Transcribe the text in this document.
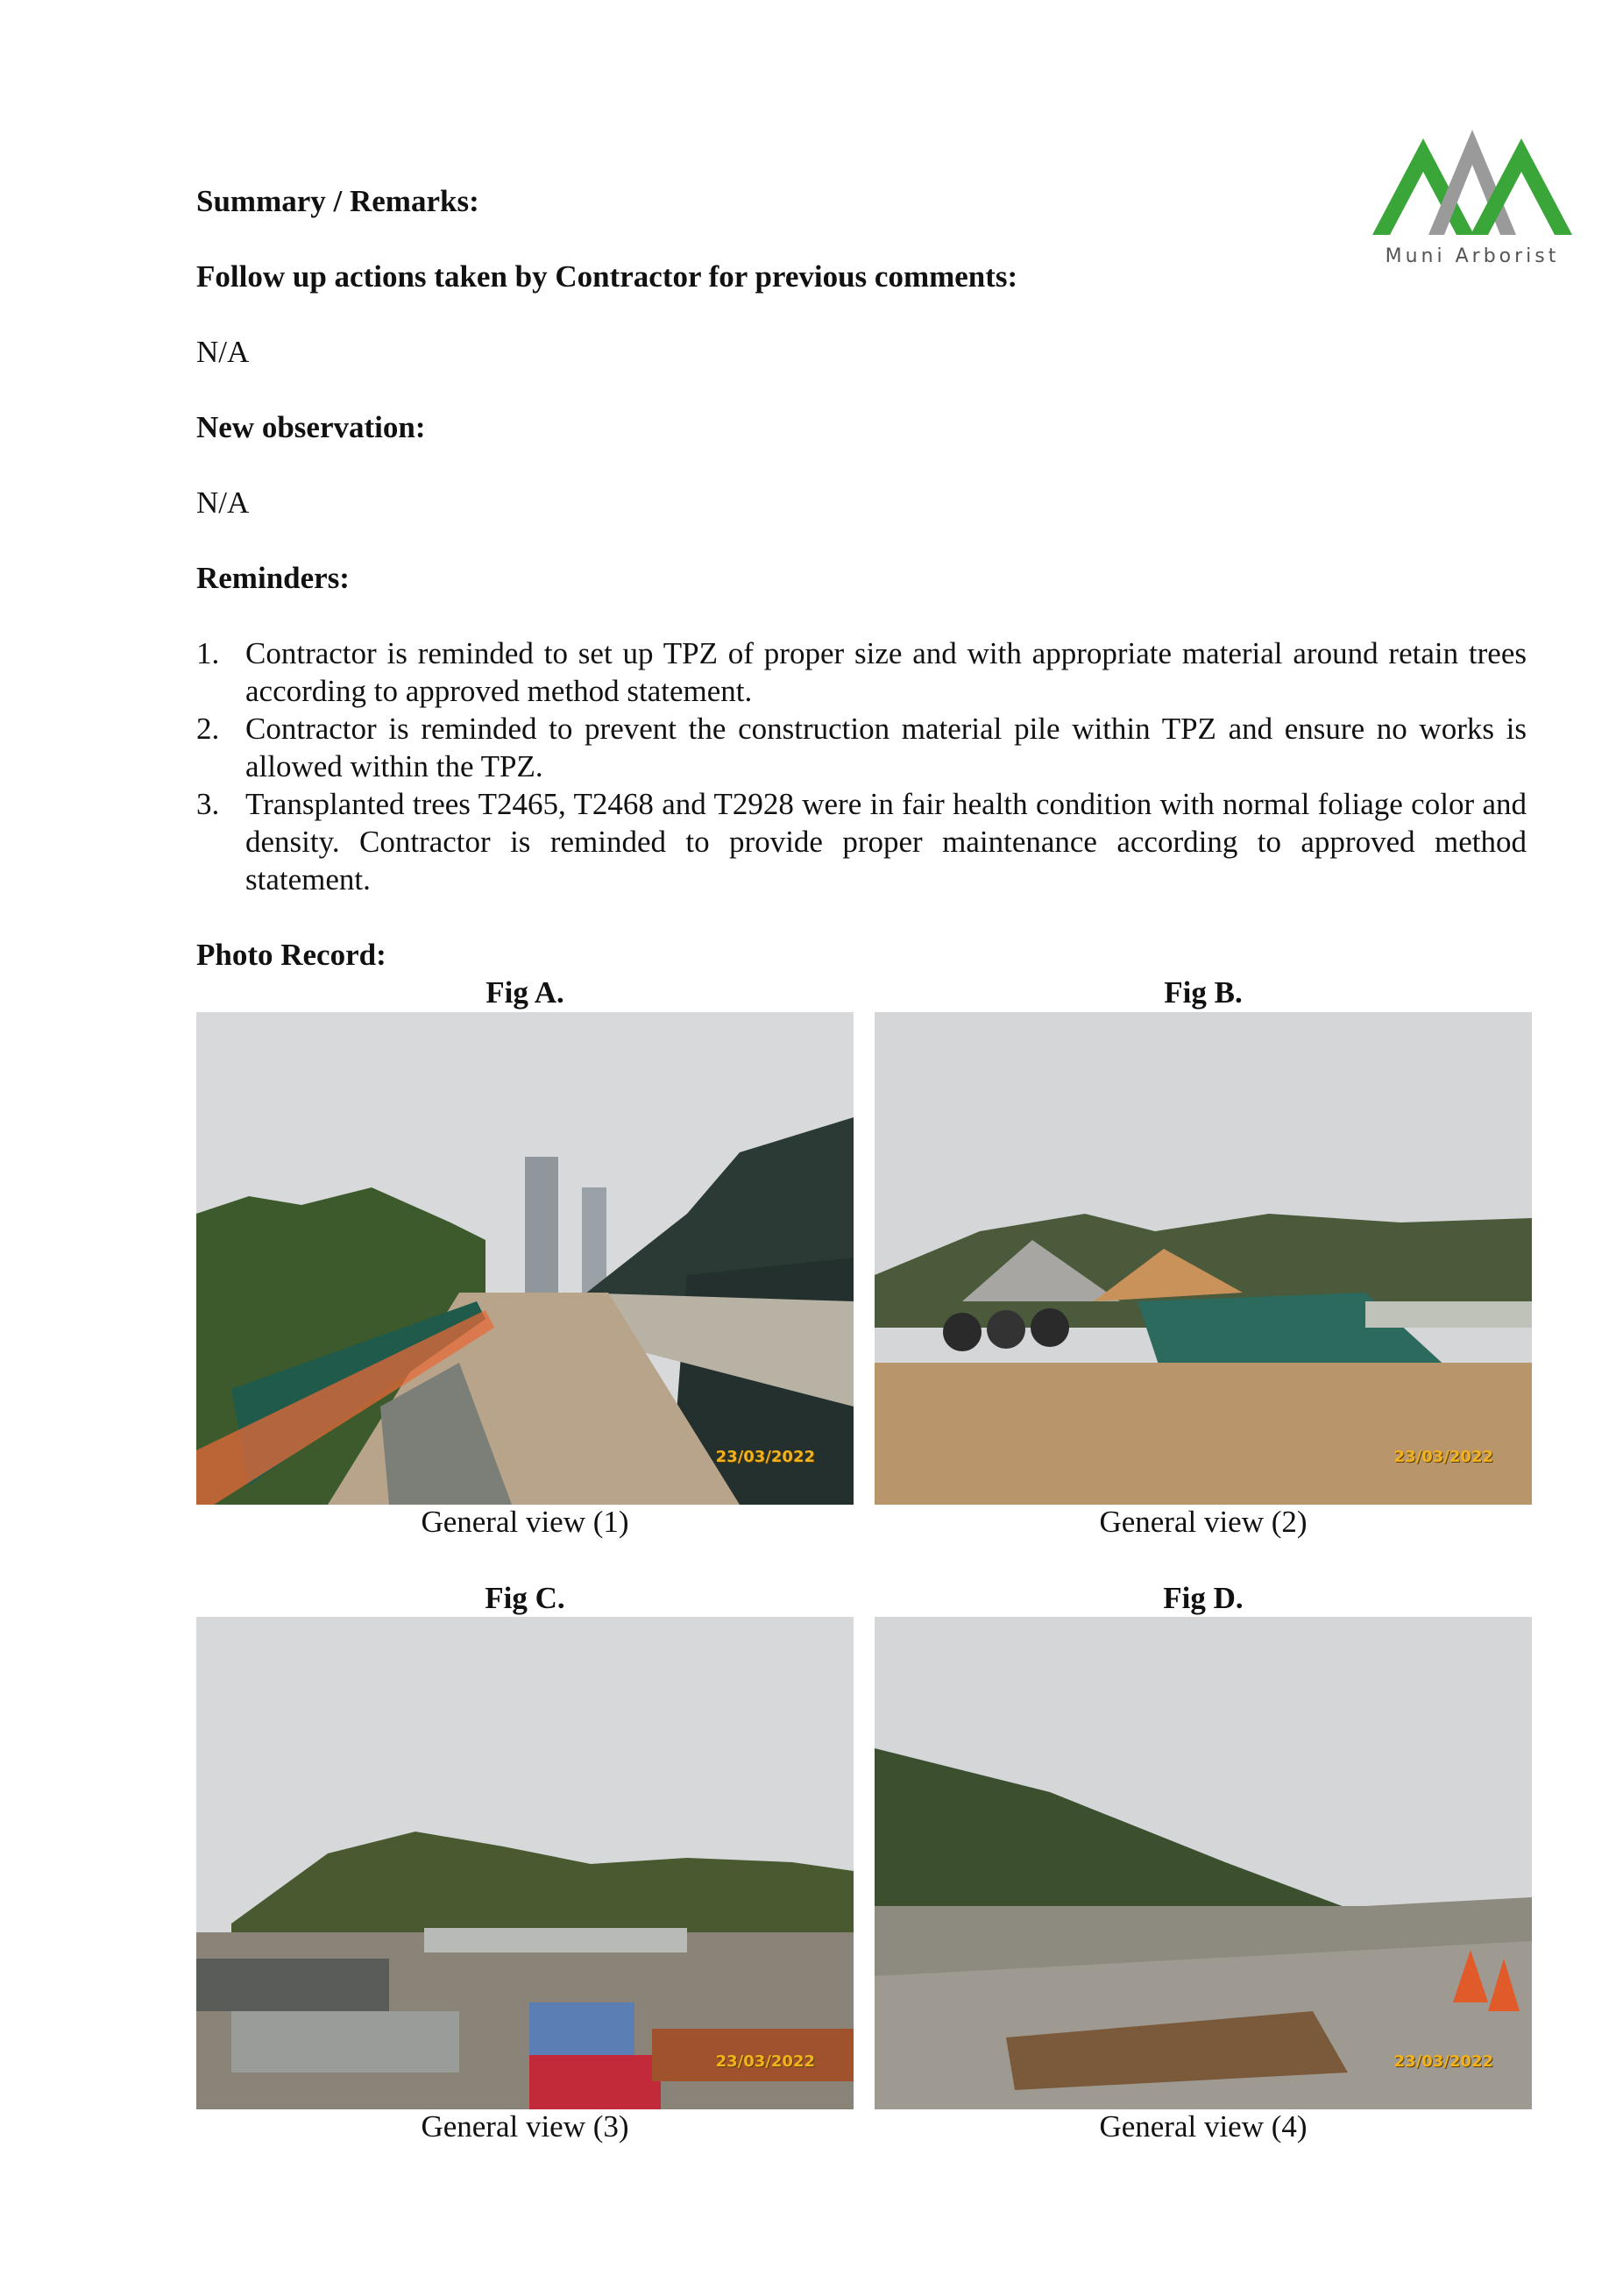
Muni Arborist

Summary / Remarks:

Follow up actions taken by Contractor for previous comments:

N/A

New observation:

N/A

Reminders:

1. Contractor is reminded to set up TPZ of proper size and with appropriate material around retain trees according to approved method statement.
2. Contractor is reminded to prevent the construction material pile within TPZ and ensure no works is allowed within the TPZ.
3. Transplanted trees T2465, T2468 and T2928 were in fair health condition with normal foliage color and density. Contractor is reminded to provide proper maintenance according to approved method statement.

Photo Record:

Fig A.
23/03/2022
General view (1)
Fig B.
23/03/2022
General view (2)
Fig C.
23/03/2022
General view (3)
Fig D.
23/03/2022
General view (4)
